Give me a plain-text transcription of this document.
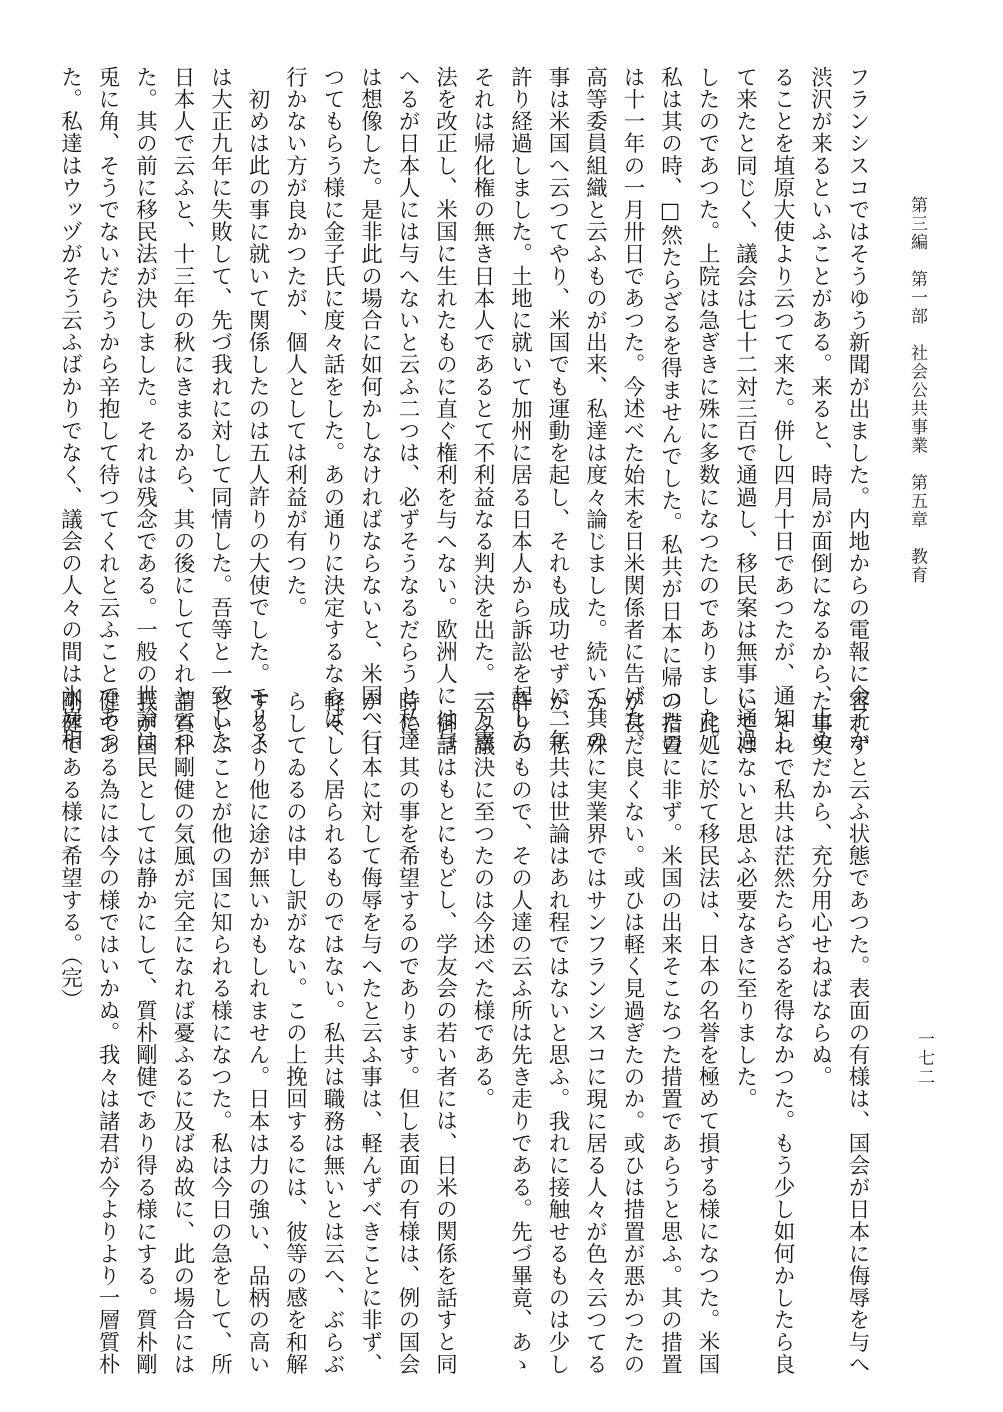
第三編　第一部　社会公共事業　第五章　教育
一七二
フランシスコではそうゆう新聞が出ました。内地からの電報に金子か
渋沢が来るといふことがある。来ると、時局が面倒になるから、止め
ることを埴原大使より云つて来た。併し四月十日であつたが、通知し
て来たと同じく、議会は七十二対三百で通過し、移民案は無事に通過
したのであつた。上院は急ぎきに殊に多数になつたのでありました。
私は其の時、□然たらざるを得ませんでした。私共が日本に帰つたの
は十一年の一月卅日であつた。今述べた始末を日米関係者に告げた。
高等委員組織と云ふものが出来、私達は度々論じました。続いて其の
事は米国へ云つてやり、米国でも運動を起し、それも成功せずに二年
許り経過しました。土地に就いて加州に居る日本人から訴訟を起した
それは帰化権の無き日本人であるとて不利益なる判決を出た。一方憲
法を改正し、米国に生れたものに直ぐ権利を与へない。欧洲人には与
へるが日本人には与へないと云ふ二つは、必ずそうなるだらうと私達
は想像した。是非此の場合に如何かしなければならないと、米国へ行
つてもらう様に金子氏に度々話をした。あの通りに決定するならば、
行かない方が良かつたが、個人としては利益が有つた。
初めは此の事に就いて関係したのは五人許りの大使でした。モリス
は大正九年に失敗して、先づ我れに対して同情した。吾等と一致した
日本人で云ふと、十三年の秋にきまるから、其の後にしてくれと云つ
た。其の前に移民法が決しました。それは残念である。一般の世論は
兎に角、そうでないだらうから辛抱して待つてくれと云ふことであつ
た。私達はウッヅがそう云ふばかりでなく、議会の人々の間は氷炭相
容れずと云ふ状態であつた。表面の有様は、国会が日本に侮辱を与へ
た事実だから、充分用心せねばならぬ。
それで私共は茫然たらざるを得なかつた。もう少し如何かしたら良
いではないと思ふ必要なきに至りました。
此処に於て移民法は、日本の名誉を極めて損する様になつた。米国
の措置に非ず。米国の出来そこなつた措置であらうと思ふ。其の措置
が甚だ良くない。或ひは軽く見過ぎたのか。或ひは措置が悪かつたの
か。殊に実業界ではサンフランシスコに現に居る人々が色々云つてる
が、私共は世論はあれ程ではないと思ふ。我れに接触せるものは少し
許りのもので、その人達の云ふ所は先き走りである。先づ畢竟、あゝ
云ふ議決に至つたのは今述べた様である。
御話はもとにもどし、学友会の若い者には、日米の関係を話すと同
時に、其の事を希望するのであります。但し表面の有様は、例の国会
が、日本に対して侮辱を与へたと云ふ事は、軽んずべきことに非ず、
軽々しく居られるものではない。私共は職務は無いとは云へ、ぶらぶ
らしてゐるのは申し訳がない。この上挽回するには、彼等の感を和解
するより他に途が無いかもしれません。日本は力の強い、品柄の高い
といふことが他の国に知られる様になつた。私は今日の急をして、所
謂質朴剛健の気風が完全になれば憂ふるに及ばぬ故に、此の場合には
我が国民としては静かにして、質朴剛健であり得る様にする。質朴剛
健である為には今の様ではいかぬ。我々は諸君が今よりより一層質朴
剛健である様に希望する。（完）
